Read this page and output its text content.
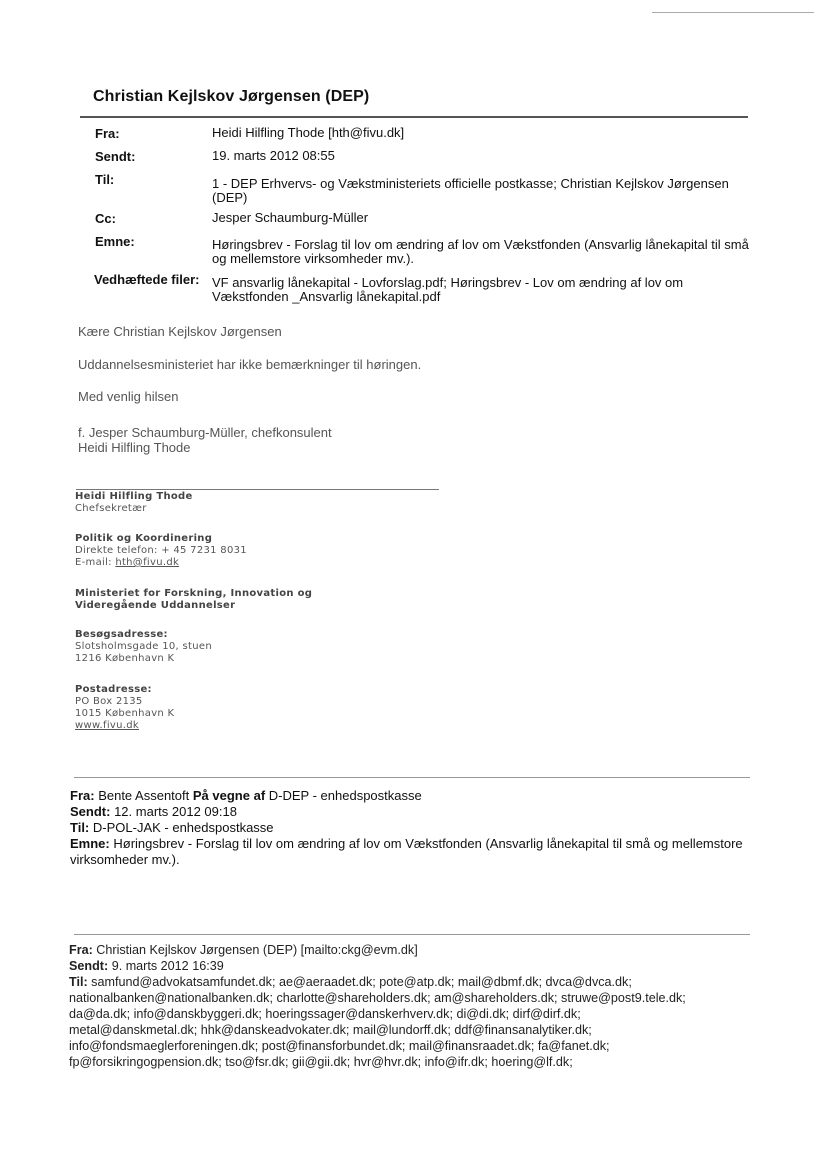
Christian Kejlskov Jørgensen (DEP)
Fra:	Heidi Hilfling Thode [hth@fivu.dk]
Sendt:	19. marts 2012 08:55
Til:	1 - DEP Erhvervs- og Vækstministeriets officielle postkasse; Christian Kejlskov Jørgensen (DEP)
Cc:	Jesper Schaumburg-Müller
Emne:	Høringsbrev - Forslag til lov om ændring af lov om Vækstfonden (Ansvarlig lånekapital til små og mellemstore virksomheder mv.).
Vedhæftede filer: VF ansvarlig lånekapital - Lovforslag.pdf; Høringsbrev - Lov om ændring af lov om Vækstfonden _Ansvarlig lånekapital.pdf
Kære Christian Kejlskov Jørgensen
Uddannelsesministeriet har ikke bemærkninger til høringen.
Med venlig hilsen
f. Jesper Schaumburg-Müller, chefkonsulent
Heidi Hilfling Thode
Heidi Hilfling Thode
Chefsekretær
Politik og Koordinering
Direkte telefon: + 45 7231 8031
E-mail: hth@fivu.dk
Ministeriet for Forskning, Innovation og
Videregående Uddannelser
Besøgsadresse:
Slotsholmsgade 10, stuen
1216 København K
Postadresse:
PO Box 2135
1015 København K
www.fivu.dk
Fra: Bente Assentoft På vegne af D-DEP - enhedspostkasse
Sendt: 12. marts 2012 09:18
Til: D-POL-JAK - enhedspostkasse
Emne: Høringsbrev - Forslag til lov om ændring af lov om Vækstfonden (Ansvarlig lånekapital til små og mellemstore virksomheder mv.).
Fra: Christian Kejlskov Jørgensen (DEP) [mailto:ckg@evm.dk]
Sendt: 9. marts 2012 16:39
Til: samfund@advokatsamfundet.dk; ae@aeraadet.dk; pote@atp.dk; mail@dbmf.dk; dvca@dvca.dk;
nationalbanken@nationalbanken.dk; charlotte@shareholders.dk; am@shareholders.dk; struwe@post9.tele.dk;
da@da.dk; info@danskbyggeri.dk; hoeringssager@danskerhverv.dk; di@di.dk; dirf@dirf.dk;
metal@danskmetal.dk; hhk@danskeadvokater.dk; mail@lundorff.dk; ddf@finansanalytiker.dk;
info@fondsmaeglerforeningen.dk; post@finansforbundet.dk; mail@finansraadet.dk; fa@fanet.dk;
fp@forsikringogpension.dk; tso@fsr.dk; gii@gii.dk; hvr@hvr.dk; info@ifr.dk; hoering@lf.dk;
